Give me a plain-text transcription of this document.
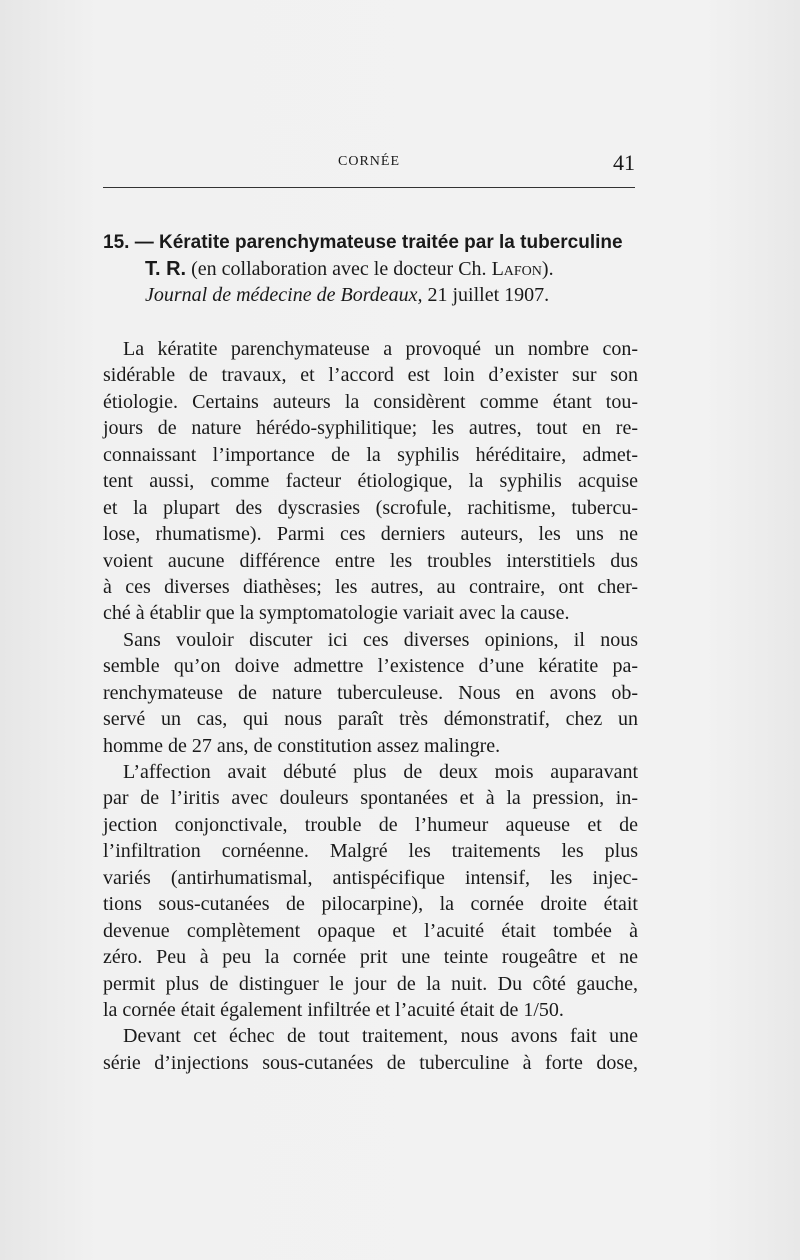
CORNÉE	41
15. — Kératite parenchymateuse traitée par la tuberculine
T. R. (en collaboration avec le docteur Ch. Lafon).
Journal de médecine de Bordeaux, 21 juillet 1907.
La kératite parenchymateuse a provoqué un nombre con-
sidérable de travaux, et l’accord est loin d’exister sur son
étiologie. Certains auteurs la considèrent comme étant tou-
jours de nature hérédo-syphilitique; les autres, tout en re-
connaissant l’importance de la syphilis héréditaire, admet-
tent aussi, comme facteur étiologique, la syphilis acquise
et la plupart des dyscrasies (scrofule, rachitisme, tubercu-
lose, rhumatisme). Parmi ces derniers auteurs, les uns ne
voient aucune différence entre les troubles interstitiels dus
à ces diverses diathèses; les autres, au contraire, ont cher-
ché à établir que la symptomatologie variait avec la cause.
Sans vouloir discuter ici ces diverses opinions, il nous
semble qu’on doive admettre l’existence d’une kératite pa-
renchymateuse de nature tuberculeuse. Nous en avons ob-
servé un cas, qui nous paraît très démonstratif, chez un
homme de 27 ans, de constitution assez malingre.
L’affection avait débuté plus de deux mois auparavant
par de l’iritis avec douleurs spontanées et à la pression, in-
jection conjonctivale, trouble de l’humeur aqueuse et de
l’infiltration cornéenne. Malgré les traitements les plus
variés (antirhumatismal, antispécifique intensif, les injec-
tions sous-cutanées de pilocarpine), la cornée droite était
devenue complètement opaque et l’acuité était tombée à
zéro. Peu à peu la cornée prit une teinte rougeâtre et ne
permit plus de distinguer le jour de la nuit. Du côté gauche,
la cornée était également infiltrée et l’acuité était de 1/50.
Devant cet échec de tout traitement, nous avons fait une
série d’injections sous-cutanées de tuberculine à forte dose,
